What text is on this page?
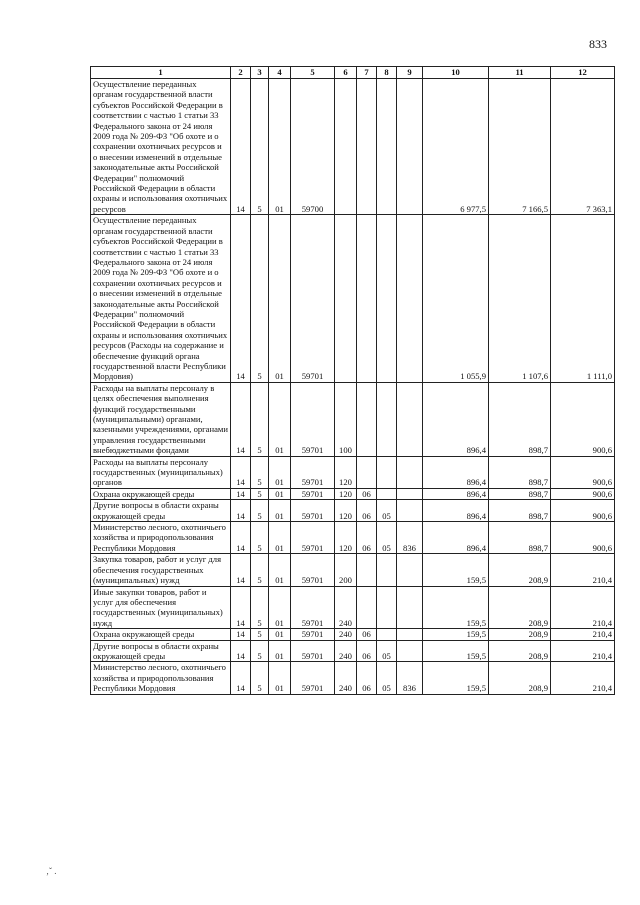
833
1	2	3	4	5	6	7	8	9	10	11	12
Осуществление переданных органам государственной власти субъектов Российской Федерации в соответствии с частью 1 статьи 33 Федерального закона от 24 июля 2009 года № 209-ФЗ "Об охоте и о сохранении охотничьих ресурсов и о внесении изменений в отдельные законодательные акты Российской Федерации" полномочий Российской Федерации в области охраны и использования охотничьих ресурсов	14	5	01	59700					6 977,5	7 166,5	7 363,1
Осуществление переданных органам государственной власти субъектов Российской Федерации в соответствии с частью 1 статьи 33 Федерального закона от 24 июля 2009 года № 209-ФЗ "Об охоте и о сохранении охотничьих ресурсов и о внесении изменений в отдельные законодательные акты Российской Федерации" полномочий Российской Федерации в области охраны и использования охотничьих ресурсов (Расходы на содержание и обеспечение функций органа государственной власти Республики Мордовия)	14	5	01	59701					1 055,9	1 107,6	1 111,0
Расходы на выплаты персоналу в целях обеспечения выполнения функций государственными (муниципальными) органами, казенными учреждениями, органами управления государственными внебюджетными фондами	14	5	01	59701	100				896,4	898,7	900,6
Расходы на выплаты персоналу государственных (муниципальных) органов	14	5	01	59701	120				896,4	898,7	900,6
Охрана окружающей среды	14	5	01	59701	120	06			896,4	898,7	900,6
Другие вопросы в области охраны окружающей среды	14	5	01	59701	120	06	05		896,4	898,7	900,6
Министерство лесного, охотничьего хозяйства и природопользования Республики Мордовия	14	5	01	59701	120	06	05	836	896,4	898,7	900,6
Закупка товаров, работ и услуг для обеспечения государственных (муниципальных) нужд	14	5	01	59701	200				159,5	208,9	210,4
Иные закупки товаров, работ и услуг для обеспечения государственных (муниципальных) нужд	14	5	01	59701	240				159,5	208,9	210,4
Охрана окружающей среды	14	5	01	59701	240	06			159,5	208,9	210,4
Другие вопросы в области охраны окружающей среды	14	5	01	59701	240	06	05		159,5	208,9	210,4
Министерство лесного, охотничьего хозяйства и природопользования Республики Мордовия	14	5	01	59701	240	06	05	836	159,5	208,9	210,4
‚ˇ .
